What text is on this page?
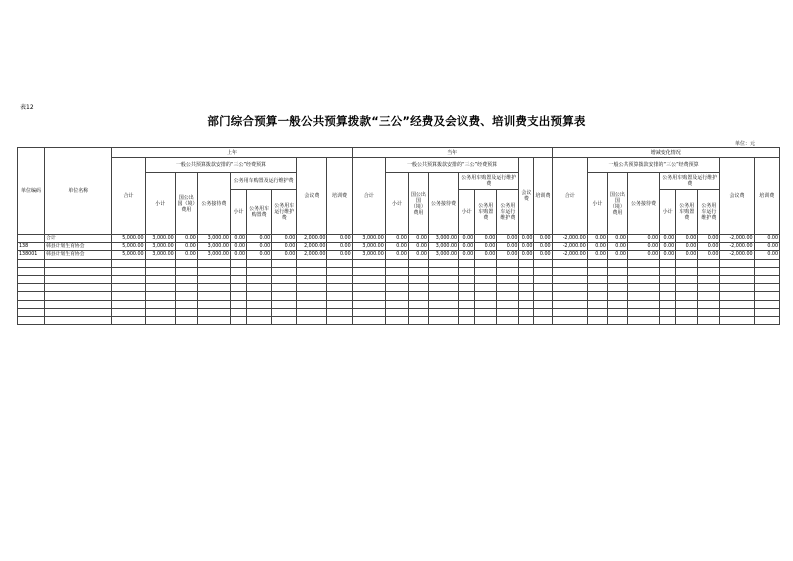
表12
部门综合预算一般公共预算拨款“三公”经费及会议费、培训费支出预算表
单位：元
单位编码	单位名称	上年									当年									增减变化情况								
		合计	一般公共预算拨款安排的“三公”经费预算						会议费	培训费	合计	一般公共预算拨款安排的“三公”经费预算						会议费	培训费	合计	一般公共预算拨款安排的“三公”经费预算						会议费	培训费
			小计	国公出国（境）费用	公务接待费	公务用车购置及运行维护费						小计	国公出国（境）费用	公务接待费	公务用车购置及运行维护费						小计	国公出国（境）费用	公务接待费	公务用车购置及运行维护费				
						小计	公务用车购置费	公务用车运行维护费							小计	公务用车购置费	公务用车运行维护费							小计	公务用车购置费	公务用车运行维护费		
	合计	5,000.00	3,000.00	0.00	3,000.00	0.00	0.00	0.00	2,000.00	0.00	3,000.00	0.00	0.00	3,000.00	0.00	0.00	0.00	0.00	0.00	-2,000.00	0.00	0.00	0.00	0.00	0.00	0.00	-2,000.00	0.00
138	韩县计划生育协会	5,000.00	3,000.00	0.00	3,000.00	0.00	0.00	0.00	2,000.00	0.00	3,000.00	0.00	0.00	3,000.00	0.00	0.00	0.00	0.00	0.00	-2,000.00	0.00	0.00	0.00	0.00	0.00	0.00	-2,000.00	0.00
138001	韩县计划生育协会	5,000.00	3,000.00	0.00	3,000.00	0.00	0.00	0.00	2,000.00	0.00	3,000.00	0.00	0.00	3,000.00	0.00	0.00	0.00	0.00	0.00	-2,000.00	0.00	0.00	0.00	0.00	0.00	0.00	-2,000.00	0.00
